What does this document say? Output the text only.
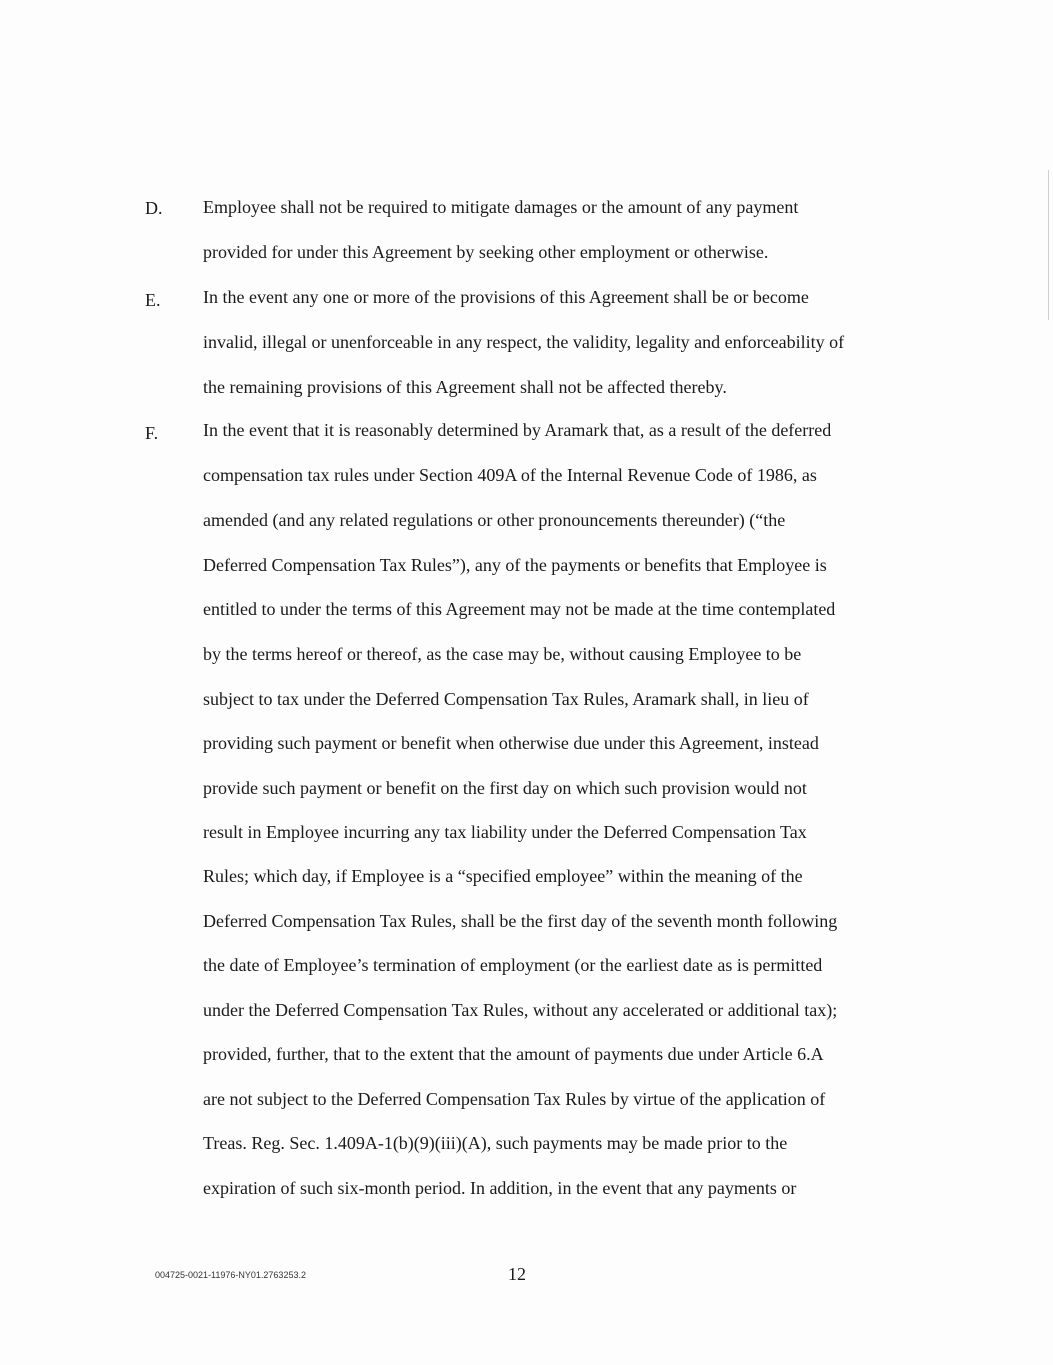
D. Employee shall not be required to mitigate damages or the amount of any payment
provided for under this Agreement by seeking other employment or otherwise.
E. In the event any one or more of the provisions of this Agreement shall be or become
invalid, illegal or unenforceable in any respect, the validity, legality and enforceability of
the remaining provisions of this Agreement shall not be affected thereby.
F. In the event that it is reasonably determined by Aramark that, as a result of the deferred
compensation tax rules under Section 409A of the Internal Revenue Code of 1986, as
amended (and any related regulations or other pronouncements thereunder) (“the
Deferred Compensation Tax Rules”), any of the payments or benefits that Employee is
entitled to under the terms of this Agreement may not be made at the time contemplated
by the terms hereof or thereof, as the case may be, without causing Employee to be
subject to tax under the Deferred Compensation Tax Rules, Aramark shall, in lieu of
providing such payment or benefit when otherwise due under this Agreement, instead
provide such payment or benefit on the first day on which such provision would not
result in Employee incurring any tax liability under the Deferred Compensation Tax
Rules; which day, if Employee is a “specified employee” within the meaning of the
Deferred Compensation Tax Rules, shall be the first day of the seventh month following
the date of Employee’s termination of employment (or the earliest date as is permitted
under the Deferred Compensation Tax Rules, without any accelerated or additional tax);
provided, further, that to the extent that the amount of payments due under Article 6.A
are not subject to the Deferred Compensation Tax Rules by virtue of the application of
Treas. Reg. Sec. 1.409A-1(b)(9)(iii)(A), such payments may be made prior to the
expiration of such six-month period. In addition, in the event that any payments or
004725-0021-11976-NY01.2763253.2	12
